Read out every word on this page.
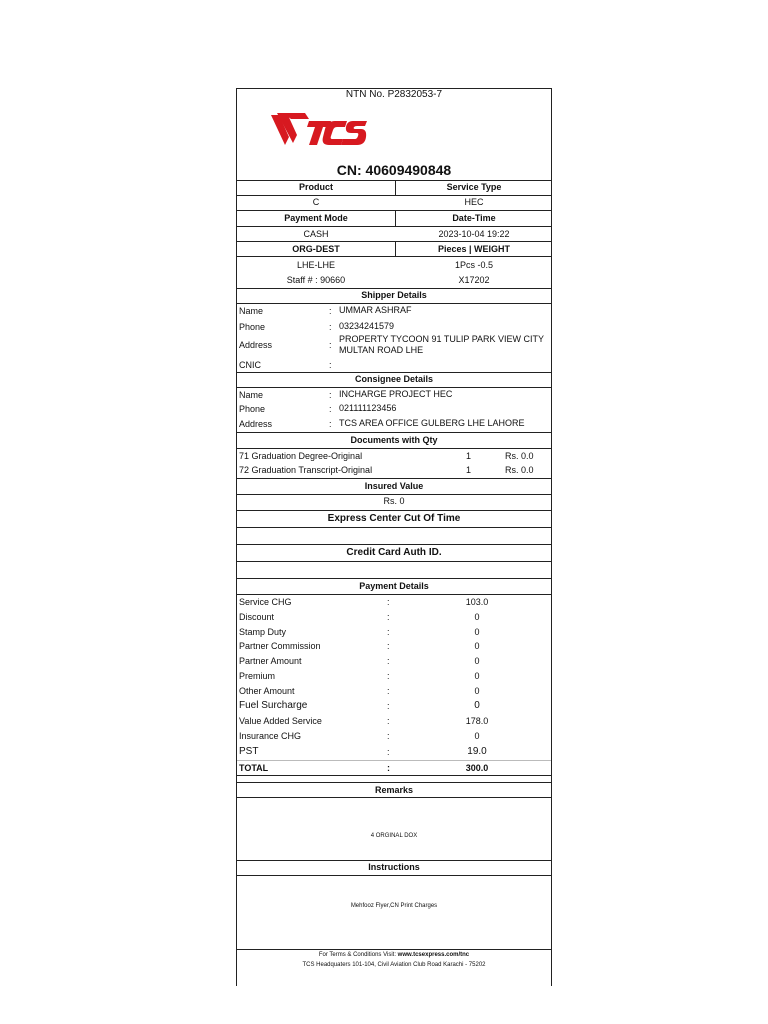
NTN No. P2832053-7
CN: 40609490848
Product	Service Type
C	HEC
Payment Mode	Date-Time
CASH	2023-10-04 19:22
ORG-DEST	Pieces | WEIGHT
LHE-LHE	1Pcs -0.5
Staff # : 90660	X17202
Shipper Details
Name	: UMMAR ASHRAF
Phone	: 03234241579
Address	:
PROPERTY TYCOON 91 TULIP PARK VIEW CITY MULTAN ROAD LHE
CNIC	:
Consignee Details
Name	: INCHARGE PROJECT HEC
Phone	: 021111123456
Address	: TCS AREA OFFICE GULBERG LHE LAHORE
Documents with Qty
71 Graduation Degree-Original	1	Rs. 0.0
72 Graduation Transcript-Original	1	Rs. 0.0
Insured Value
Rs. 0
Express Center Cut Of Time
Credit Card Auth ID.
Payment Details
Service CHG	:	103.0
Discount	:	0
Stamp Duty	:	0
Partner Commission	:	0
Partner Amount	:	0
Premium	:	0
Other Amount	:	0
Fuel Surcharge	:	0
Value Added Service	:	178.0
Insurance CHG	:	0
PST	:	19.0
TOTAL	:	300.0
Remarks
4 ORGINAL DOX
Instructions
Mehfooz Flyer,CN Print Charges
For Terms & Conditions Visit: www.tcsexpress.com/tnc
TCS Headquaters 101-104, Civil Aviation Club Road Karachi - 75202
